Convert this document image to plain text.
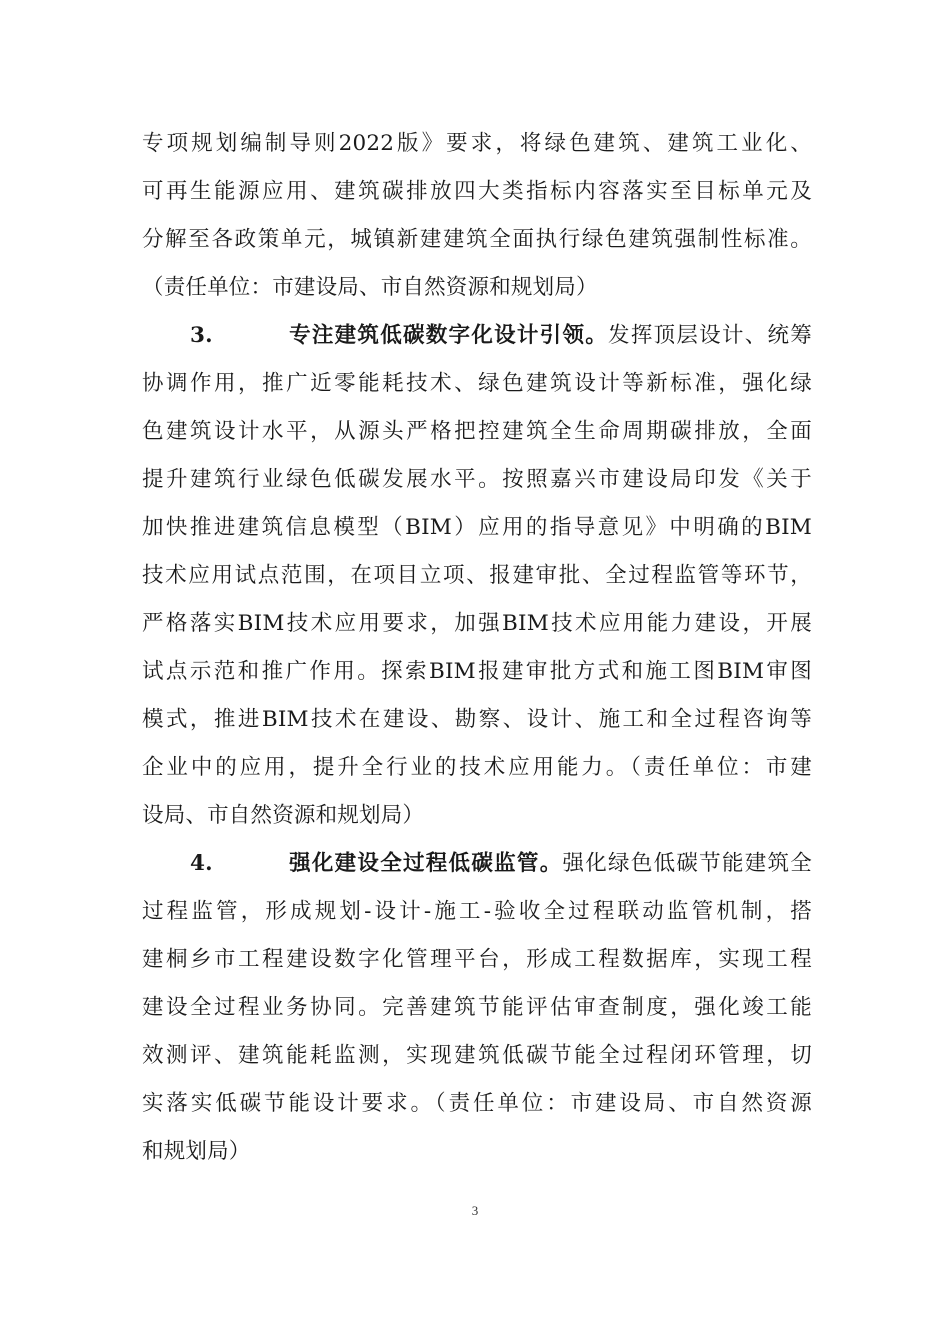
专项规划编制导则2022版》要求，将绿色建筑、建筑工业化、
可再生能源应用、建筑碳排放四大类指标内容落实至目标单元及
分解至各政策单元，城镇新建建筑全面执行绿色建筑强制性标准。
（责任单位：市建设局、市自然资源和规划局）
3.	专注建筑低碳数字化设计引领。发挥顶层设计、统筹
协调作用，推广近零能耗技术、绿色建筑设计等新标准，强化绿
色建筑设计水平，从源头严格把控建筑全生命周期碳排放，全面
提升建筑行业绿色低碳发展水平。按照嘉兴市建设局印发《关于
加快推进建筑信息模型（BIM）应用的指导意见》中明确的BIM
技术应用试点范围，在项目立项、报建审批、全过程监管等环节，
严格落实BIM技术应用要求，加强BIM技术应用能力建设，开展
试点示范和推广作用。探索BIM报建审批方式和施工图BIM审图
模式，推进BIM技术在建设、勘察、设计、施工和全过程咨询等
企业中的应用，提升全行业的技术应用能力。（责任单位：市建
设局、市自然资源和规划局）
4.	强化建设全过程低碳监管。强化绿色低碳节能建筑全
过程监管，形成规划-设计-施工-验收全过程联动监管机制，搭
建桐乡市工程建设数字化管理平台，形成工程数据库，实现工程
建设全过程业务协同。完善建筑节能评估审查制度，强化竣工能
效测评、建筑能耗监测，实现建筑低碳节能全过程闭环管理，切
实落实低碳节能设计要求。（责任单位：市建设局、市自然资源
和规划局）
3
